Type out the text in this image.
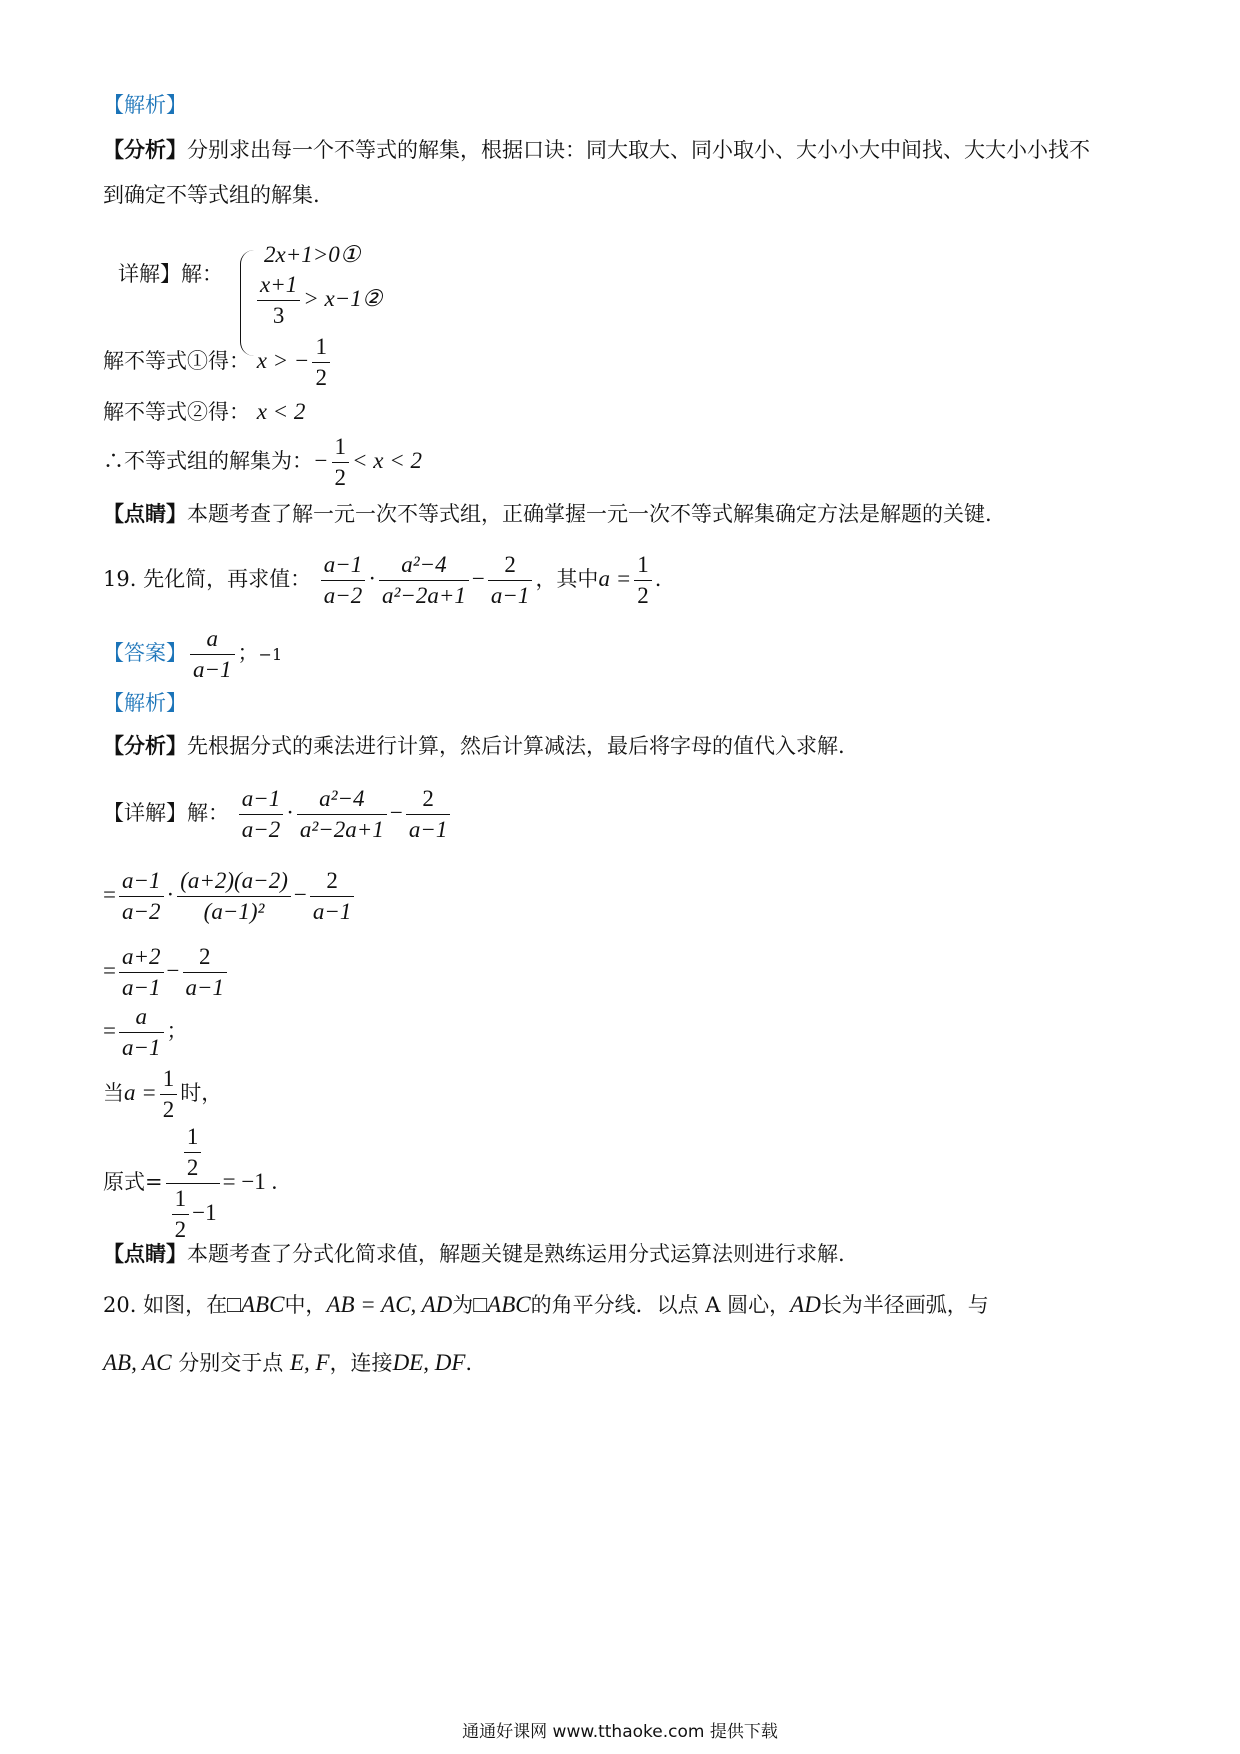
【解析】
【分析】分别求出每一个不等式的解集，根据口诀：同大取大、同小取小、大小小大中间找、大大小小找不
到确定不等式组的解集.
详解】解：
2x+1>0①
$\frac{x+1}{3}$ > x−1②
解不等式①得： x > − $\frac{1}{2}$
解不等式②得： x < 2
∴不等式组的解集为：− $\frac{1}{2} < x < 2$
【点睛】本题考查了解一元一次不等式组，正确掌握一元一次不等式解集确定方法是解题的关键.
19. 先化简，再求值： $\frac{a-1}{a-2} \cdot \frac{\text{a²−4}}{\text{a²−2a+1}} - \frac{2}{a-1}$ ，其中$a = \frac{1}{2}$ .
【答案】 $\frac{a}{a-1}$ ；−1
【解析】
【分析】先根据分式的乘法进行计算，然后计算减法，最后将字母的值代入求解.
【详解】解： $\frac{a-1}{a-2} \cdot \frac{\text{a²−4}}{\text{a²−2a+1}} - \frac{2}{a-1}$
= $\frac{a-1}{a-2} \cdot \frac{(a+2)(a-2)}{\text{(a−1)²}} - \frac{2}{a-1}$
= $\frac{a+2}{a-1} - \frac{2}{a-1}$
= $\frac{a}{a-1}$ ；
当$a = \frac{1}{2}$ 时，
原式= $\frac{\frac{1}{2}}{\frac{1}{2} -1} = -1$ .
【点睛】本题考查了分式化简求值，解题关键是熟练运用分式运算法则进行求解.
20. 如图，在□ABC中，AB = AC, AD为□ABC的角平分线．以点 A 圆心，AD长为半径画弧，与
AB, AC 分别交于点 E, F，连接DE, DF.
通通好课网 www.tthaoke.com 提供下载
